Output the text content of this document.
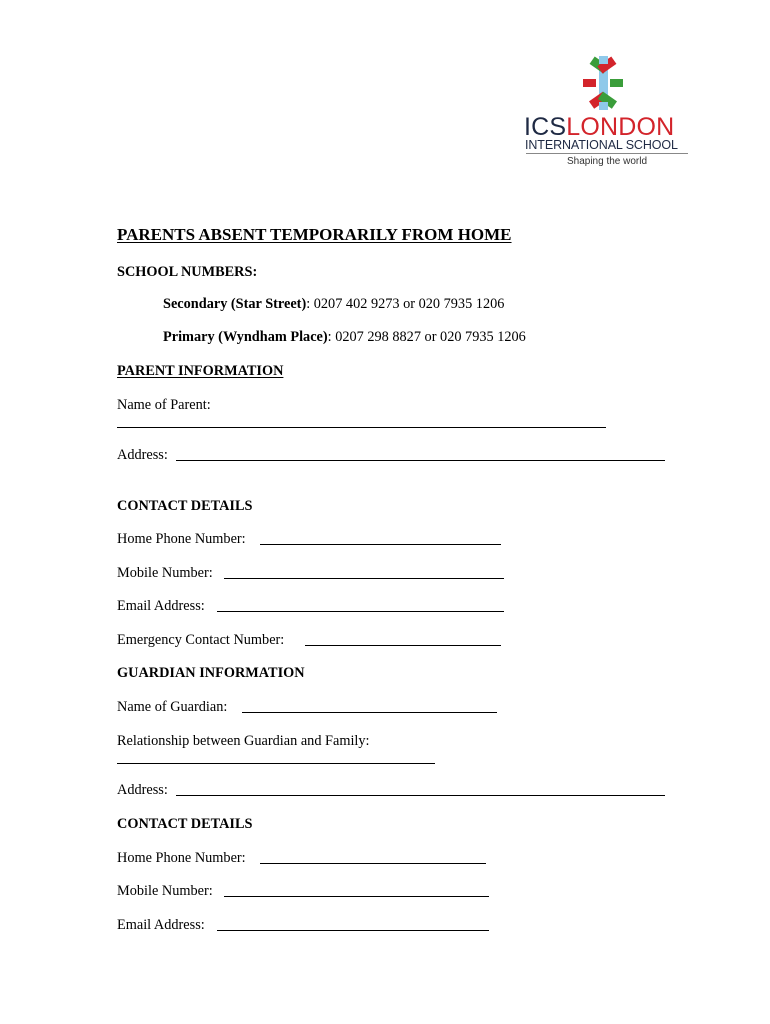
ICSLONDON
INTERNATIONAL SCHOOL
Shaping the world
PARENTS ABSENT TEMPORARILY FROM HOME
SCHOOL NUMBERS:
Secondary (Star Street): 0207 402 9273 or 020 7935 1206
Primary (Wyndham Place): 0207 298 8827 or 020 7935 1206
PARENT INFORMATION
Name of Parent:
Address:
CONTACT DETAILS
Home Phone Number:
Mobile Number:
Email Address:
Emergency Contact Number:
GUARDIAN INFORMATION
Name of Guardian:
Relationship between Guardian and Family:
Address:
CONTACT DETAILS
Home Phone Number:
Mobile Number:
Email Address:
